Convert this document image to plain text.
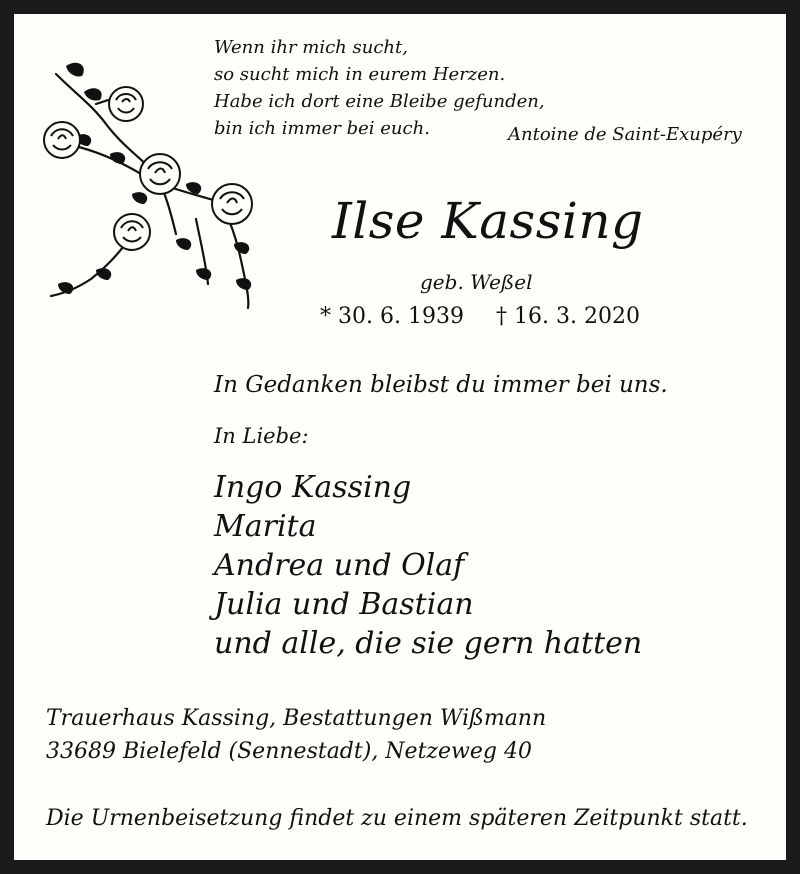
Wenn ihr mich sucht,
so sucht mich in eurem Herzen.
Habe ich dort eine Bleibe gefunden,
bin ich immer bei euch.	Antoine de Saint-Exupéry
Ilse Kassing
geb. Weßel
* 30. 6. 1939 † 16. 3. 2020
In Gedanken bleibst du immer bei uns.
In Liebe:
Ingo Kassing
Marita
Andrea und Olaf
Julia und Bastian
und alle, die sie gern hatten
Trauerhaus Kassing, Bestattungen Wißmann
33689 Bielefeld (Sennestadt), Netzeweg 40
Die Urnenbeisetzung findet zu einem späteren Zeitpunkt statt.
